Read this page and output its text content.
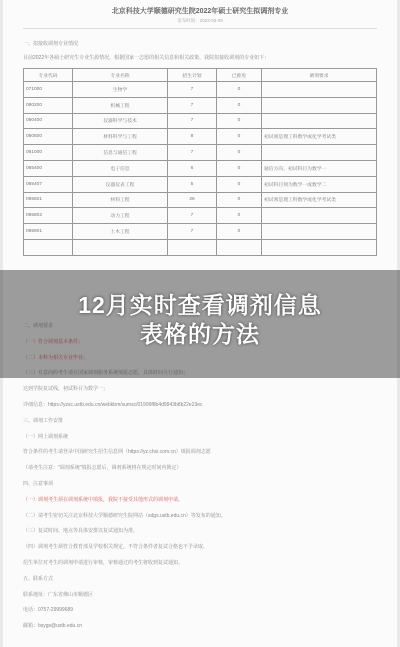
北京科技大学顺德研究生院2022年硕士研究生拟调剂专业
发布时间：2022-03-09
一、拟接收调剂专业情况
目前2022年各硕士研究生专业生源情况，根据国家一志愿的相关信息和相关政策，我院拟接收调剂的专业如下：
专业代码	专业名称	招生计划	已推免	调剂要求
071000	生物学	7	0	
080200	机械工程	7	0	
080400	仪器科学与技术	7	0	
080500	材料科学与工程	8	0	初试须是理工科数学或化学考试类
081000	信息与通信工程	7	0	
085400	电子信息	6	0	通信方向，初试科目为数学一
085407	仪器仪表工程	5	0	初试科目须为数学一或数学二
085601	材料工程	26	0	初试须是理工科数学或化学考试类
085802	动力工程	7	0	
085901	土木工程	7	0	

二、调剂要求
（一）符合调剂基本条件；
（二）本科为相关专业毕业；
（三）有意向的考生请在国家调剂服务系统填报志愿，具体时间另行通知；
达到学院复试线，初试科目为数学一；
详细信息：https://yzsc.ustb.edu.cn/webkbm/sumsc/01999f8b4d9943b8b22e23ec
三、调剂工作安排
（一）网上调剂系统
符合条件的考生请登录中国研究生招生信息网（https://yz.chsi.com.cn）填报调剂志愿
（请考生注意："调剂系统"填报志愿后，调剂系统将在规定时间内锁定）
四、注意事项
（一）调剂考生须在调剂系统中填报，我院不接受其他形式的调剂申请。
（二）请考生密切关注北京科技大学顺德研究生院网站（sdgs.ustb.edu.cn）等发布的通知。
（三）复试时间、地点等具体安排以复试通知为准。
（四）调剂考生须符合教育部及学校相关规定，不符合条件者复试合格也不予录取。
招生单位对考生的调剂申请进行审核，审核通过的考生将收到复试通知。
五、联系方式
联系地址：广东省佛山市顺德区
电话：0757-29999689
邮箱：bsygs@ustb.edu.cn
12月实时查看调剂信息
表格的方法
